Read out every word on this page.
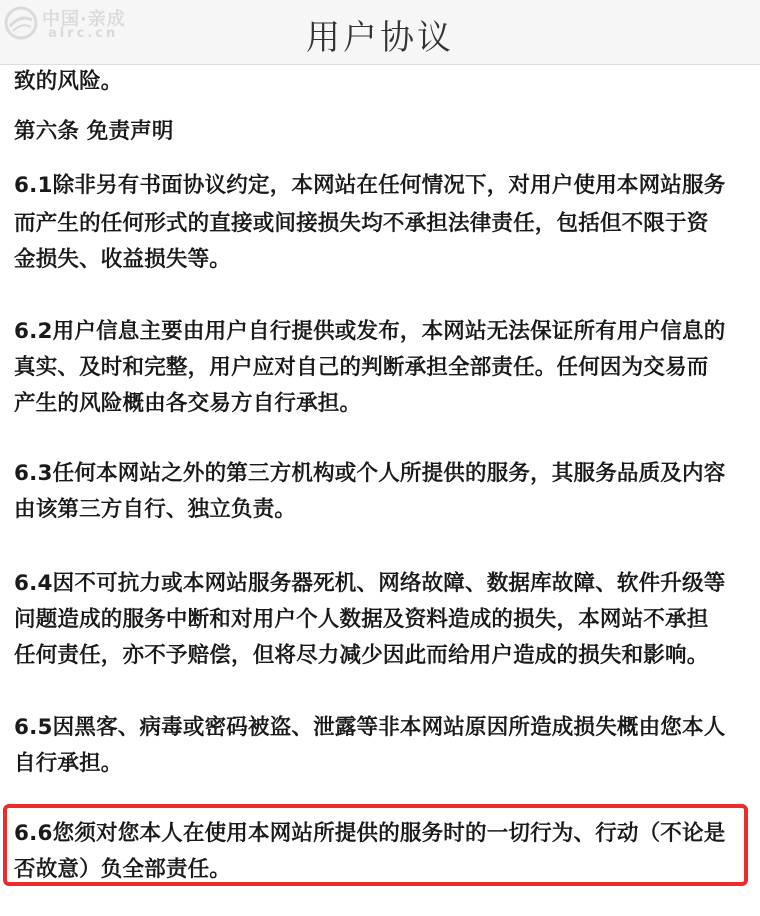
中国·亲成
airc.cn	用户协议
致的风险。
第六条 免责声明
6.1除非另有书面协议约定，本网站在任何情况下，对用户使用本网站服务
而产生的任何形式的直接或间接损失均不承担法律责任，包括但不限于资
金损失、收益损失等。
6.2用户信息主要由用户自行提供或发布，本网站无法保证所有用户信息的
真实、及时和完整，用户应对自己的判断承担全部责任。任何因为交易而
产生的风险概由各交易方自行承担。
6.3任何本网站之外的第三方机构或个人所提供的服务，其服务品质及内容
由该第三方自行、独立负责。
6.4因不可抗力或本网站服务器死机、网络故障、数据库故障、软件升级等
问题造成的服务中断和对用户个人数据及资料造成的损失，本网站不承担
任何责任，亦不予赔偿，但将尽力减少因此而给用户造成的损失和影响。
6.5因黑客、病毒或密码被盗、泄露等非本网站原因所造成损失概由您本人
自行承担。
6.6您须对您本人在使用本网站所提供的服务时的一切行为、行动（不论是
否故意）负全部责任。
